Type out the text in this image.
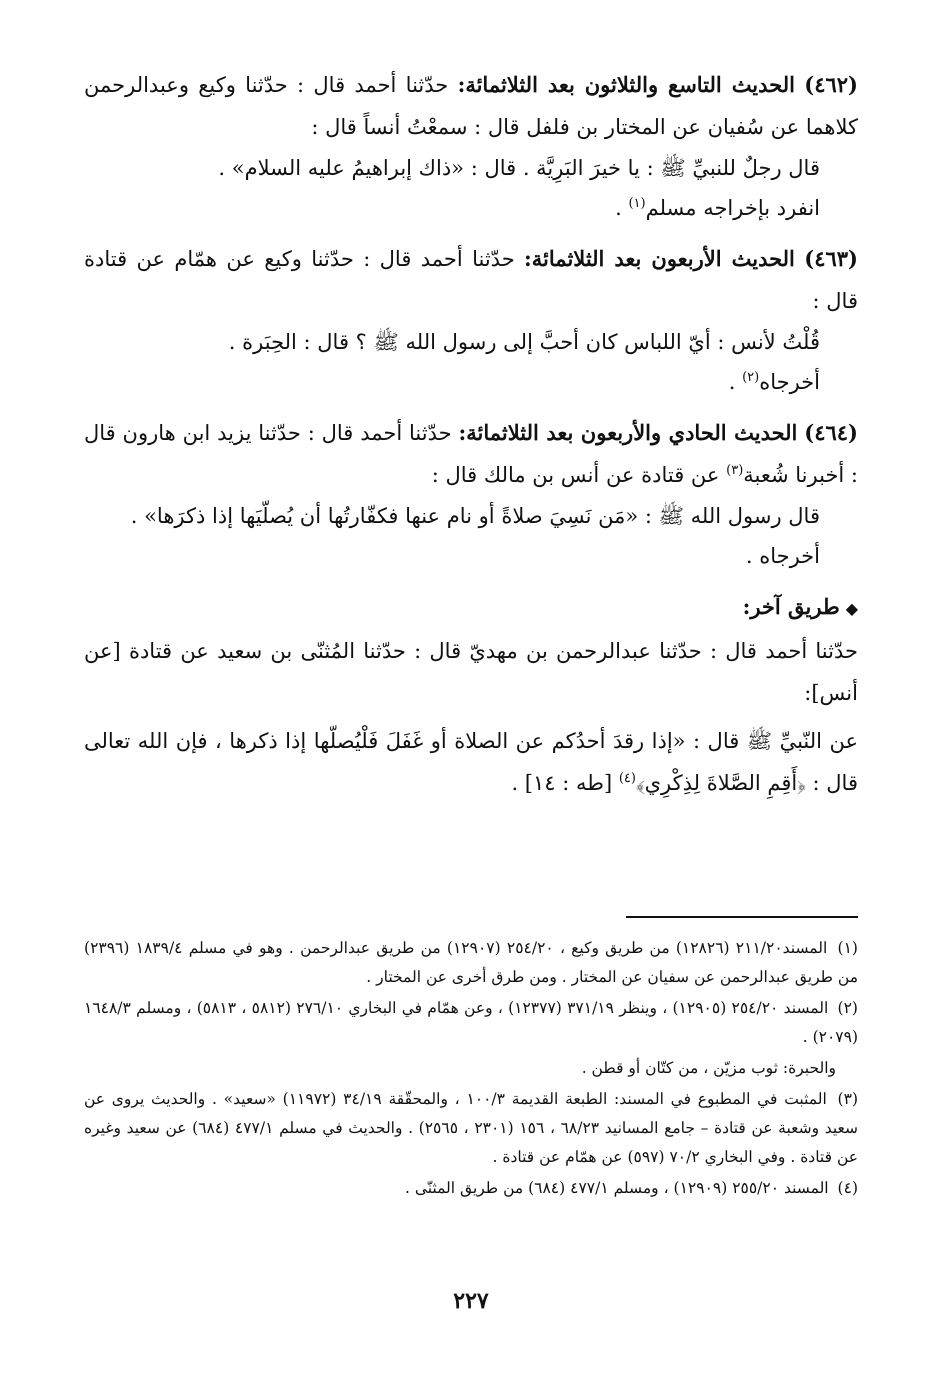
(٤٦٢) الحديث التاسع والثلاثون بعد الثلاثمائة: حدّثنا أحمد قال : حدّثنا وكيع وعبدالرحمن كلاهما عن سُفيان عن المختار بن فلفل قال : سمعْتُ أنساً قال :
قال رجلٌ للنبيِّ ﷺ : يا خيرَ البَرِيَّة . قال : «ذاك إبراهيمُ عليه السلام» .
انفرد بإخراجه مسلم$^{(١)}$ .
(٤٦٣) الحديث الأربعون بعد الثلاثمائة: حدّثنا أحمد قال : حدّثنا وكيع عن همّام عن قتادة قال :
قُلْتُ لأنس : أيّ اللباس كان أحبَّ إلى رسول الله ﷺ ؟ قال : الحِبَرة .
أخرجاه$^{(٢)}$ .
(٤٦٤) الحديث الحادي والأربعون بعد الثلاثمائة: حدّثنا أحمد قال : حدّثنا يزيد ابن هارون قال : أخبرنا شُعبة$^{(٣)}$ عن قتادة عن أنس بن مالك قال :
قال رسول الله ﷺ : «مَن نَسِيَ صلاةً أو نام عنها فكفّارتُها أن يُصلّيَها إذا ذكرَها» .
أخرجاه .
◆طريق آخر:
حدّثنا أحمد قال : حدّثنا عبدالرحمن بن مهديّ قال : حدّثنا المُثنّى بن سعيد عن قتادة [عن أنس]:
عن النّبيِّ ﷺ قال : «إذا رقدَ أحدُكم عن الصلاة أو غَفَلَ فَلْيُصلّها إذا ذكرها ، فإن الله تعالى قال : ﴿أَقِمِ الصَّلاةَ لِذِكْرِي﴾$^{(٤)}$ [طه : ١٤] .
(١) المسند٢١١/٢٠ (١٢٨٢٦) من طريق وكيع ، ٢٥٤/٢٠ (١٢٩٠٧) من طريق عبدالرحمن . وهو في مسلم ١٨٣٩/٤ (٢٣٩٦) من طريق عبدالرحمن عن سفيان عن المختار . ومن طرق أخرى عن المختار .
(٢) المسند ٢٥٤/٢٠ (١٢٩٠٥) ، وينظر ٣٧١/١٩ (١٢٣٧٧) ، وعن همّام في البخاري ٢٧٦/١٠ (٥٨١٢ ، ٥٨١٣) ، ومسلم ١٦٤٨/٣ (٢٠٧٩) .
والحبرة: ثوب مزيّن ، من كتّان أو قطن .
(٣) المثبت في المطبوع في المسند: الطبعة القديمة ١٠٠/٣ ، والمحقّقة ٣٤/١٩ (١١٩٧٢) «سعيد» . والحديث يروى عن سعيد وشعبة عن قتادة – جامع المسانيد ٦٨/٢٣ ، ١٥٦ (٢٣٠١ ، ٢٥٦٥) . والحديث في مسلم ٤٧٧/١ (٦٨٤) عن سعيد وغيره عن قتادة . وفي البخاري ٧٠/٢ (٥٩٧) عن همّام عن قتادة .
(٤) المسند ٢٥٥/٢٠ (١٢٩٠٩) ، ومسلم ٤٧٧/١ (٦٨٤) من طريق المثنّى .
٢٢٧
